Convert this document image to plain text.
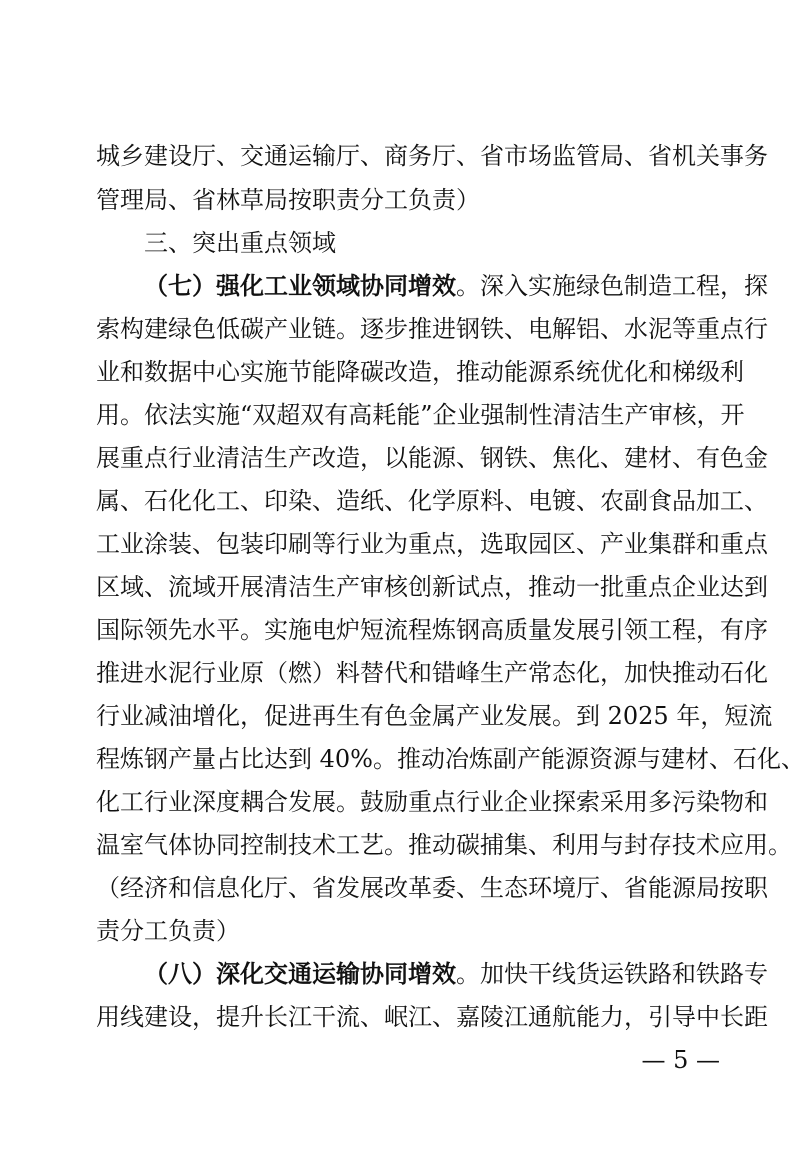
城乡建设厅、交通运输厅、商务厅、省市场监管局、省机关事务
管理局、省林草局按职责分工负责）
三、突出重点领域
（七）强化工业领域协同增效。深入实施绿色制造工程，探
索构建绿色低碳产业链。逐步推进钢铁、电解铝、水泥等重点行
业和数据中心实施节能降碳改造，推动能源系统优化和梯级利
用。依法实施“双超双有高耗能”企业强制性清洁生产审核，开
展重点行业清洁生产改造，以能源、钢铁、焦化、建材、有色金
属、石化化工、印染、造纸、化学原料、电镀、农副食品加工、
工业涂装、包装印刷等行业为重点，选取园区、产业集群和重点
区域、流域开展清洁生产审核创新试点，推动一批重点企业达到
国际领先水平。实施电炉短流程炼钢高质量发展引领工程，有序
推进水泥行业原（燃）料替代和错峰生产常态化，加快推动石化
行业减油增化，促进再生有色金属产业发展。到 2025 年，短流
程炼钢产量占比达到 40%。推动冶炼副产能源资源与建材、石化、
化工行业深度耦合发展。鼓励重点行业企业探索采用多污染物和
温室气体协同控制技术工艺。推动碳捕集、利用与封存技术应用。
（经济和信息化厅、省发展改革委、生态环境厅、省能源局按职
责分工负责）
（八）深化交通运输协同增效。加快干线货运铁路和铁路专
用线建设，提升长江干流、岷江、嘉陵江通航能力，引导中长距
— 5 —
